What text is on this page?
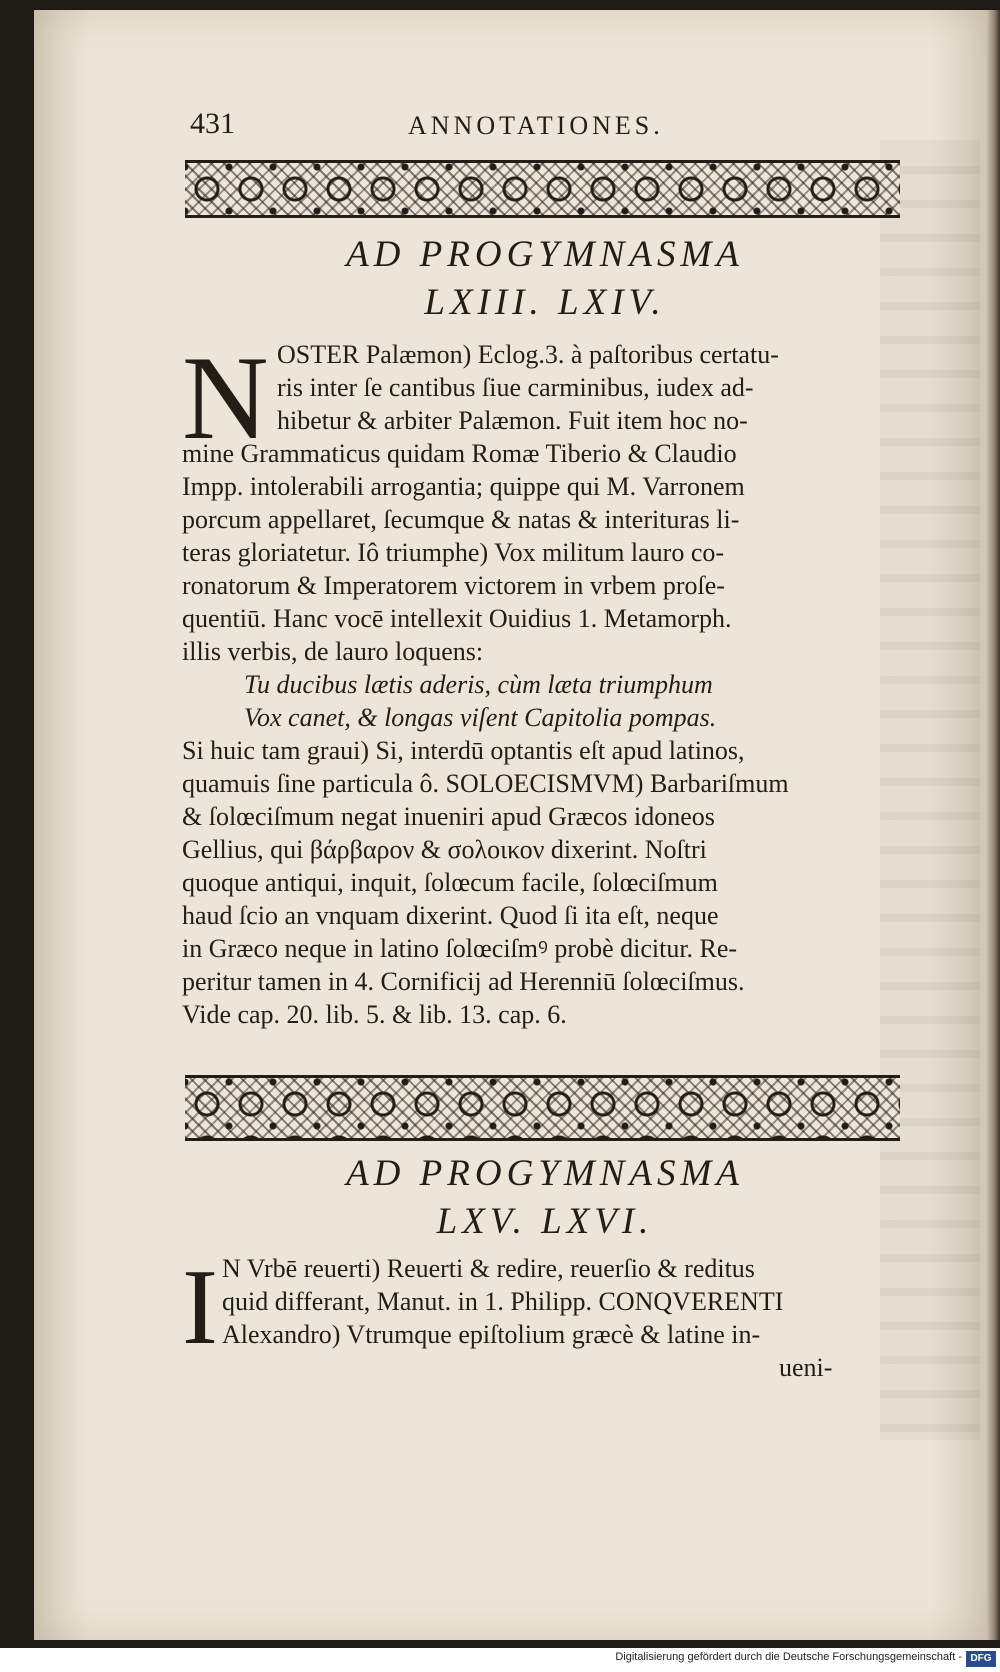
431	ANNOTATIONES.
AD PROGYMNASMA
LXIII. LXIV.
N OSTER Palæmon) Eclog.3. à paſtoribus certatu-
ris inter ſe cantibus ſiue carminibus, iudex ad-
hibetur & arbiter Palæmon. Fuit item hoc no-
mine Grammaticus quidam Romæ Tiberio & Claudio
Impp. intolerabili arrogantia; quippe qui M. Varronem
porcum appellaret, ſecumque & natas & interituras li-
teras gloriatetur. Iô triumphe) Vox militum lauro co-
ronatorum & Imperatorem victorem in vrbem proſe-
quentiū. Hanc vocē intellexit Ouidius 1. Metamorph.
illis verbis, de lauro loquens:
Tu ducibus lætis aderis, cùm læta triumphum
Vox canet, & longas viſent Capitolia pompas.
Si huic tam graui) Si, interdū optantis eſt apud latinos,
quamuis ſine particula ô. SOLOECISMVM) Barbariſmum
& ſolœciſmum negat inueniri apud Græcos idoneos
Gellius, qui βάρβαρον & σολοικον dixerint. Noſtri
quoque antiqui, inquit, ſolœcum facile, ſolœciſmum
haud ſcio an vnquam dixerint. Quod ſi ita eſt, neque
in Græco neque in latino ſolœciſmꝰ probè dicitur. Re-
peritur tamen in 4. Cornificij ad Herenniū ſolœciſmus.
Vide cap. 20. lib. 5. & lib. 13. cap. 6.
AD PROGYMNASMA
LXV. LXVI.
I N Vrbē reuerti) Reuerti & redire, reuerſio & reditus
quid differant, Manut. in 1. Philipp. CONQVERENTI
Alexandro) Vtrumque epiſtolium græcè & latine in-
ueni-
Digitalisierung gefördert durch die Deutsche Forschungsgemeinschaft - DFG
